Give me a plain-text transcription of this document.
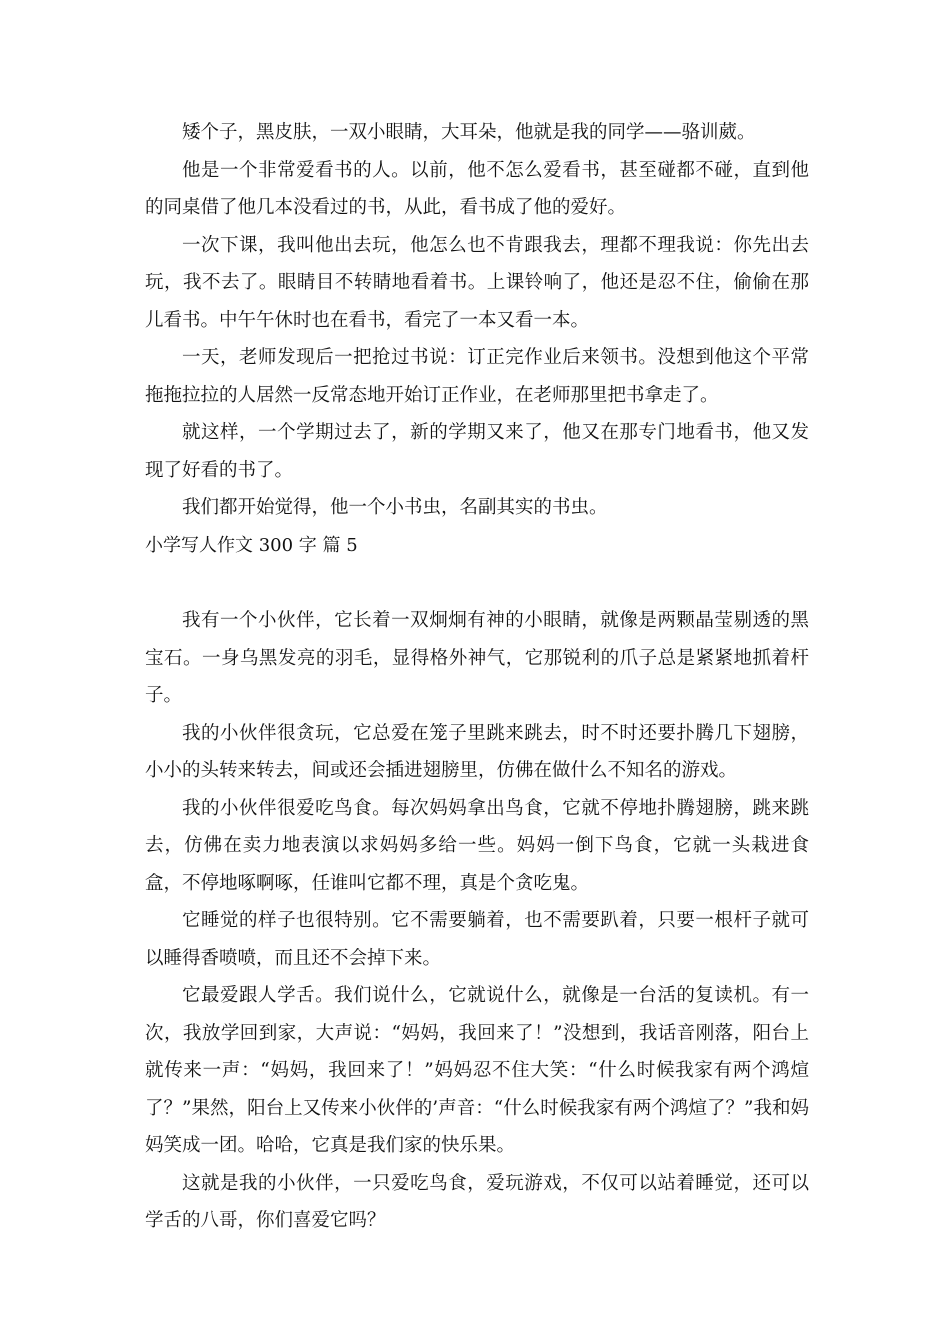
矮个子，黑皮肤，一双小眼睛，大耳朵，他就是我的同学——骆训葳。

他是一个非常爱看书的人。以前，他不怎么爱看书，甚至碰都不碰，直到他的同桌借了他几本没看过的书，从此，看书成了他的爱好。

一次下课，我叫他出去玩，他怎么也不肯跟我去，理都不理我说：你先出去玩，我不去了。眼睛目不转睛地看着书。上课铃响了，他还是忍不住，偷偷在那儿看书。中午午休时也在看书，看完了一本又看一本。

一天，老师发现后一把抢过书说：订正完作业后来领书。没想到他这个平常拖拖拉拉的人居然一反常态地开始订正作业，在老师那里把书拿走了。

就这样，一个学期过去了，新的学期又来了，他又在那专门地看书，他又发现了好看的书了。

我们都开始觉得，他一个小书虫，名副其实的书虫。

小学写人作文 300 字 篇 5

我有一个小伙伴，它长着一双炯炯有神的小眼睛，就像是两颗晶莹剔透的黑宝石。一身乌黑发亮的羽毛，显得格外神气，它那锐利的爪子总是紧紧地抓着杆子。

我的小伙伴很贪玩，它总爱在笼子里跳来跳去，时不时还要扑腾几下翅膀，小小的头转来转去，间或还会插进翅膀里，仿佛在做什么不知名的游戏。

我的小伙伴很爱吃鸟食。每次妈妈拿出鸟食，它就不停地扑腾翅膀，跳来跳去，仿佛在卖力地表演以求妈妈多给一些。妈妈一倒下鸟食，它就一头栽进食盒，不停地啄啊啄，任谁叫它都不理，真是个贪吃鬼。

它睡觉的样子也很特别。它不需要躺着，也不需要趴着，只要一根杆子就可以睡得香喷喷，而且还不会掉下来。

它最爱跟人学舌。我们说什么，它就说什么，就像是一台活的复读机。有一次，我放学回到家，大声说：“妈妈，我回来了！”没想到，我话音刚落，阳台上就传来一声：“妈妈，我回来了！”妈妈忍不住大笑：“什么时候我家有两个鸿煊了？”果然，阳台上又传来小伙伴的’声音：“什么时候我家有两个鸿煊了？”我和妈妈笑成一团。哈哈，它真是我们家的快乐果。

这就是我的小伙伴，一只爱吃鸟食，爱玩游戏，不仅可以站着睡觉，还可以学舌的八哥，你们喜爱它吗？
